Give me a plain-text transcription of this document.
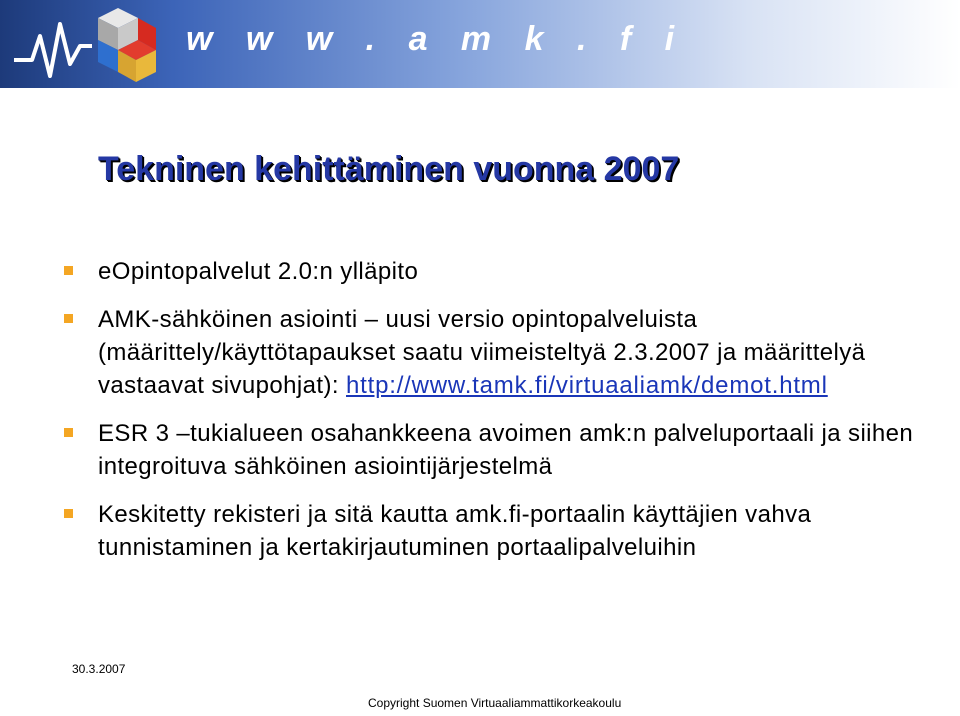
w w w . a m k . f i
Tekninen kehittäminen vuonna 2007
eOpintopalvelut 2.0:n ylläpito
AMK-sähköinen asiointi – uusi versio opintopalveluista (määrittely/käyttötapaukset saatu viimeisteltyä 2.3.2007 ja määrittelyä vastaavat sivupohjat): http://www.tamk.fi/virtuaaliamk/demot.html
ESR 3 –tukialueen osahankkeena avoimen amk:n palveluportaali ja siihen integroituva sähköinen asiointijärjestelmä
Keskitetty rekisteri ja sitä kautta amk.fi-portaalin käyttäjien vahva tunnistaminen ja kertakirjautuminen portaalipalveluihin
30.3.2007
Copyright Suomen Virtuaaliammattikorkeakoulu
